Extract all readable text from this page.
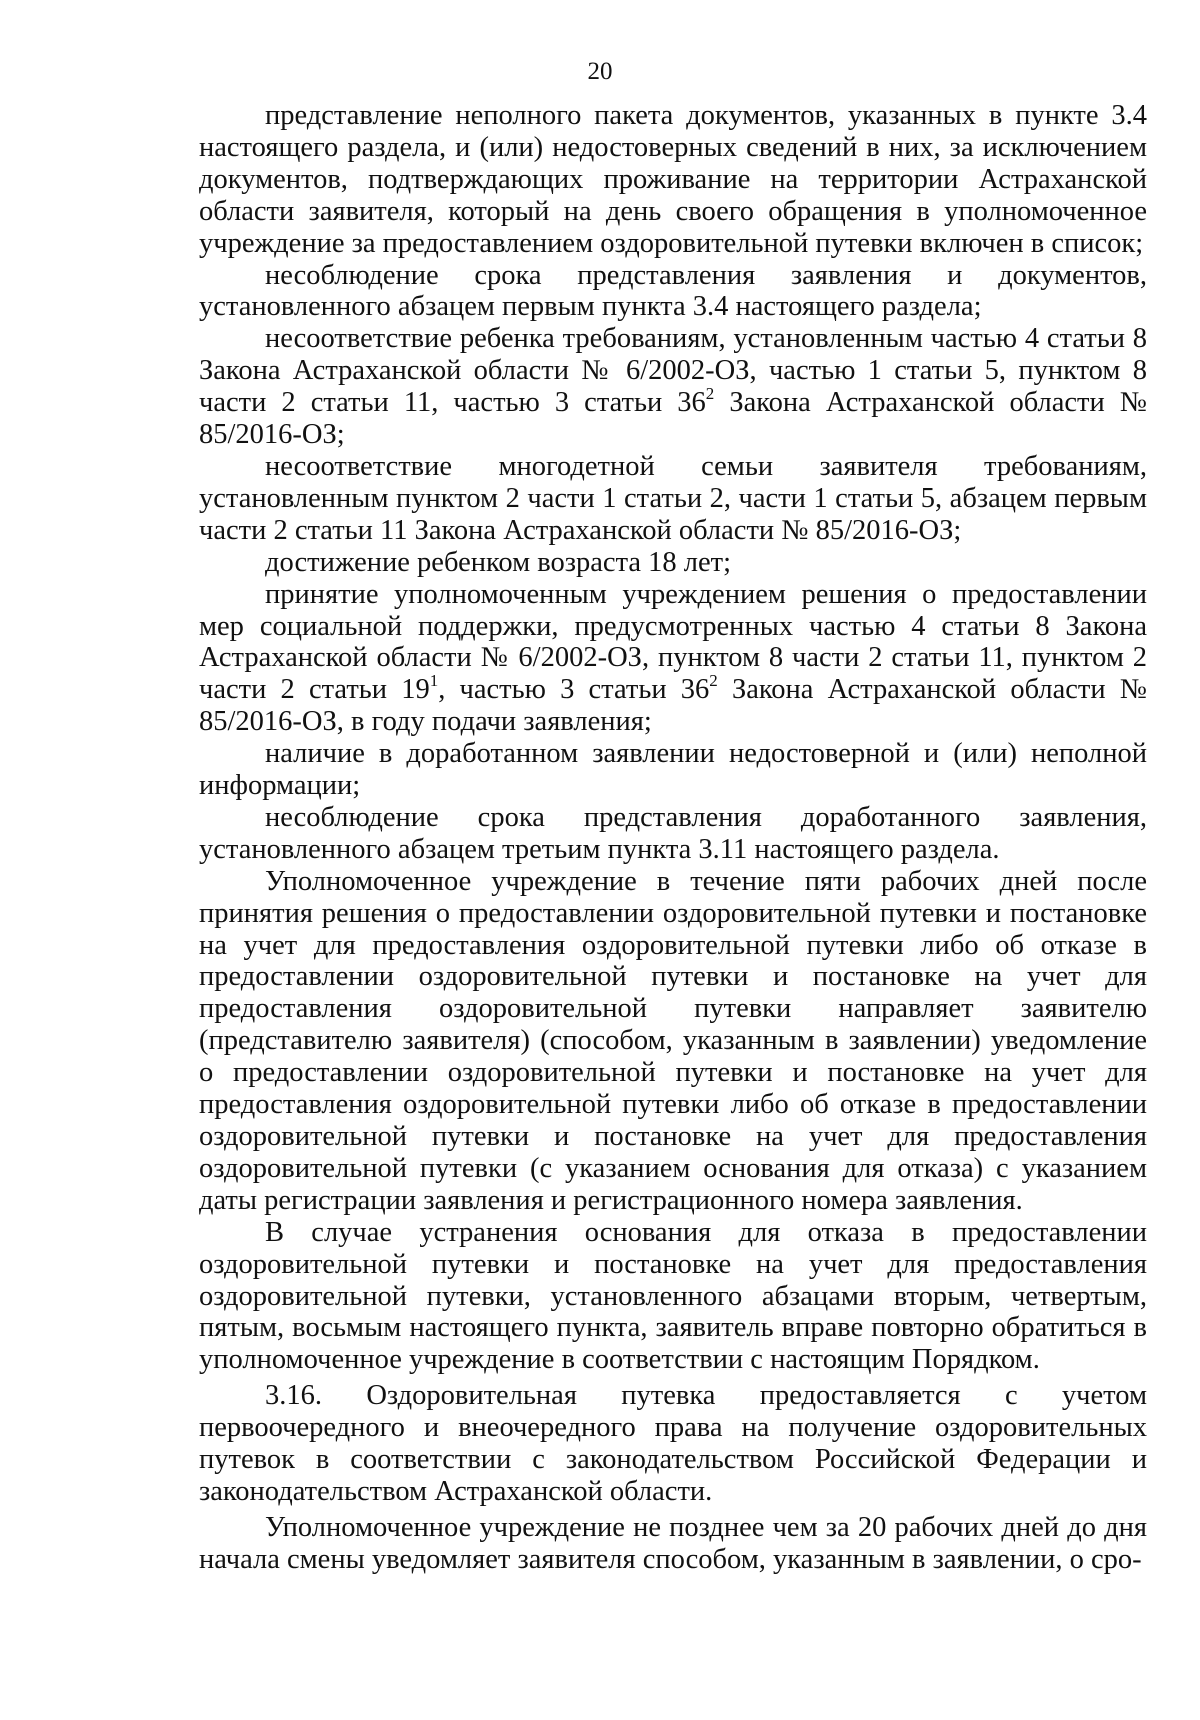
20

представление неполного пакета документов, указанных в пункте 3.4 настоящего раздела, и (или) недостоверных сведений в них, за исключением документов, подтверждающих проживание на территории Астраханской области заявителя, который на день своего обращения в уполномоченное учреждение за предоставлением оздоровительной путевки включен в список;

несоблюдение срока представления заявления и документов, установленного абзацем первым пункта 3.4 настоящего раздела;

несоответствие ребенка требованиям, установленным частью 4 статьи 8 Закона Астраханской области № 6/2002-ОЗ, частью 1 статьи 5, пунктом 8 части 2 статьи 11, частью 3 статьи $36^2$ Закона Астраханской области № 85/2016-ОЗ;

несоответствие многодетной семьи заявителя требованиям, установленным пунктом 2 части 1 статьи 2, части 1 статьи 5, абзацем первым части 2 статьи 11 Закона Астраханской области № 85/2016-ОЗ;

достижение ребенком возраста 18 лет;

принятие уполномоченным учреждением решения о предоставлении мер социальной поддержки, предусмотренных частью 4 статьи 8 Закона Астраханской области № 6/2002-ОЗ, пунктом 8 части 2 статьи 11, пунктом 2 части 2 статьи $19^1$, частью 3 статьи $36^2$ Закона Астраханской области № 85/2016-ОЗ, в году подачи заявления;

наличие в доработанном заявлении недостоверной и (или) неполной информации;

несоблюдение срока представления доработанного заявления, установленного абзацем третьим пункта 3.11 настоящего раздела.

Уполномоченное учреждение в течение пяти рабочих дней после принятия решения о предоставлении оздоровительной путевки и постановке на учет для предоставления оздоровительной путевки либо об отказе в предоставлении оздоровительной путевки и постановке на учет для предоставления оздоровительной путевки направляет заявителю (представителю заявителя) (способом, указанным в заявлении) уведомление о предоставлении оздоровительной путевки и постановке на учет для предоставления оздоровительной путевки либо об отказе в предоставлении оздоровительной путевки и постановке на учет для предоставления оздоровительной путевки (с указанием основания для отказа) с указанием даты регистрации заявления и регистрационного номера заявления.

В случае устранения основания для отказа в предоставлении оздоровительной путевки и постановке на учет для предоставления оздоровительной путевки, установленного абзацами вторым, четвертым, пятым, восьмым настоящего пункта, заявитель вправе повторно обратиться в уполномоченное учреждение в соответствии с настоящим Порядком.

3.16. Оздоровительная путевка предоставляется с учетом первоочередного и внеочередного права на получение оздоровительных путевок в соответствии с законодательством Российской Федерации и законодательством Астраханской области.

Уполномоченное учреждение не позднее чем за 20 рабочих дней до дня начала смены уведомляет заявителя способом, указанным в заявлении, о сро-
